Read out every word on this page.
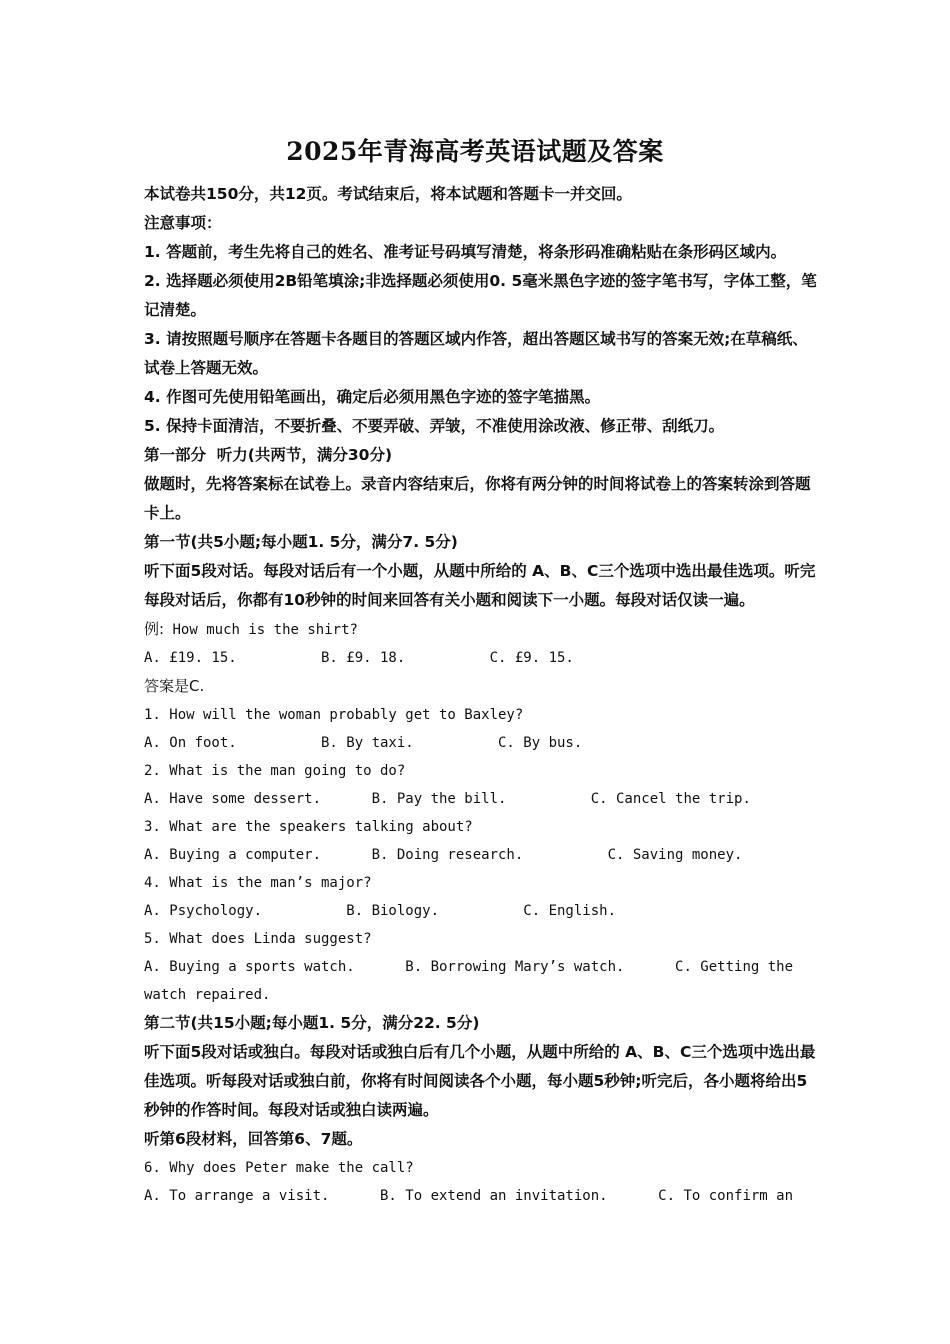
2025年青海高考英语试题及答案

本试卷共150分，共12页。考试结束后，将本试题和答题卡一并交回。

注意事项：

1. 答题前，考生先将自己的姓名、准考证号码填写清楚，将条形码准确粘贴在条形码区域内。

2. 选择题必须使用2B铅笔填涂;非选择题必须使用0. 5毫米黑色字迹的签字笔书写，字体工整，笔记清楚。

3. 请按照题号顺序在答题卡各题目的答题区域内作答，超出答题区域书写的答案无效;在草稿纸、试卷上答题无效。

4. 作图可先使用铅笔画出，确定后必须用黑色字迹的签字笔描黑。

5. 保持卡面清洁，不要折叠、不要弄破、弄皱，不准使用涂改液、修正带、刮纸刀。

第一部分  听力(共两节，满分30分)

做题时，先将答案标在试卷上。录音内容结束后，你将有两分钟的时间将试卷上的答案转涂到答题卡上。

第一节(共5小题;每小题1. 5分，满分7. 5分)

听下面5段对话。每段对话后有一个小题，从题中所给的 A、B、C三个选项中选出最佳选项。听完每段对话后，你都有10秒钟的时间来回答有关小题和阅读下一小题。每段对话仅读一遍。

例: How much is the shirt?

A. £19. 15.          B. £9. 18.          C. £9. 15.

答案是C.

1. How will the woman probably get to Baxley?

A. On foot.          B. By taxi.          C. By bus.

2. What is the man going to do?

A. Have some dessert.      B. Pay the bill.          C. Cancel the trip.

3. What are the speakers talking about?

A. Buying a computer.      B. Doing research.          C. Saving money.

4. What is the man’s major?

A. Psychology.          B. Biology.          C. English.

5. What does Linda suggest?

A. Buying a sports watch.      B. Borrowing Mary’s watch.      C. Getting the watch repaired.

第二节(共15小题;每小题1. 5分，满分22. 5分)

听下面5段对话或独白。每段对话或独白后有几个小题，从题中所给的 A、B、C三个选项中选出最佳选项。听每段对话或独白前，你将有时间阅读各个小题，每小题5秒钟;听完后，各小题将给出5秒钟的作答时间。每段对话或独白读两遍。

听第6段材料，回答第6、7题。

6. Why does Peter make the call?

A. To arrange a visit.      B. To extend an invitation.      C. To confirm an
